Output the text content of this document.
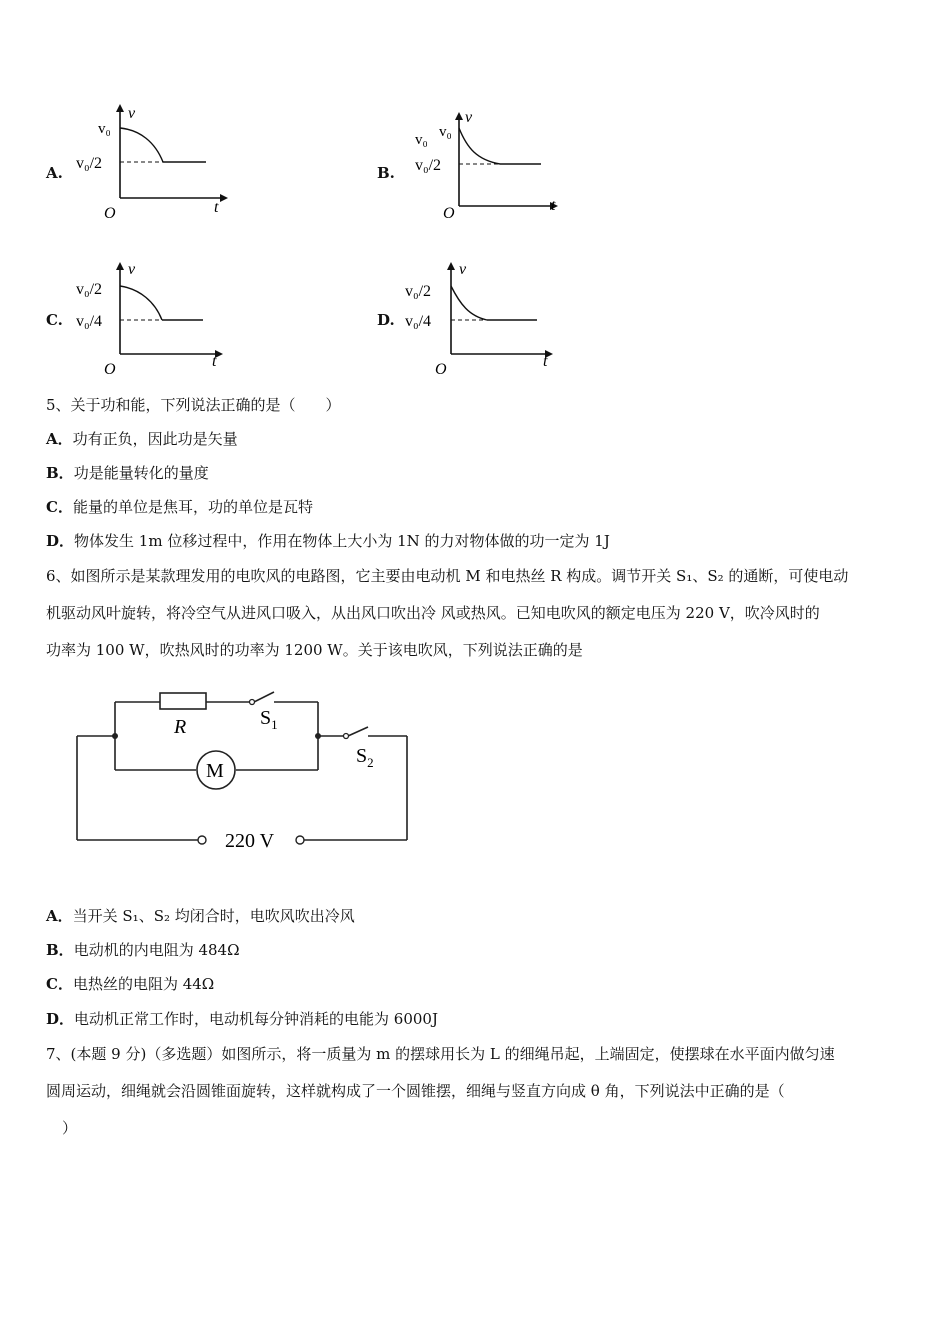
A.
v
v₀
v₀/2
O	t
B.
v
v₀ v₀
v₀/2
O	t
C.
v
v₀/2
v₀/4
O	t
D.
v
v₀/2
v₀/4
O	t
5、关于功和能，下列说法正确的是（　　）
A．功有正负，因此功是矢量
B．功是能量转化的量度
C．能量的单位是焦耳，功的单位是瓦特
D．物体发生 1m 位移过程中，作用在物体上大小为 1N 的力对物体做的功一定为 1J
6、如图所示是某款理发用的电吹风的电路图，它主要由电动机 M 和电热丝 R 构成。调节开关 S₁、S₂ 的通断，可使电动
机驱动风叶旋转，将冷空气从进风口吸入，从出风口吹出冷 风或热风。已知电吹风的额定电压为 220 V，吹冷风时的
功率为 100 W，吹热风时的功率为 1200 W。关于该电吹风，下列说法正确的是
R
M
$S_1$
$S_2$
220 V
A．当开关 S₁、S₂ 均闭合时，电吹风吹出冷风
B．电动机的内电阻为 484Ω
C．电热丝的电阻为 44Ω
D．电动机正常工作时，电动机每分钟消耗的电能为 6000J
7、(本题 9 分)（多选题）如图所示，将一质量为 m 的摆球用长为 L 的细绳吊起，上端固定，使摆球在水平面内做匀速
圆周运动，细绳就会沿圆锥面旋转，这样就构成了一个圆锥摆，细绳与竖直方向成 θ 角，下列说法中正确的是（
）
